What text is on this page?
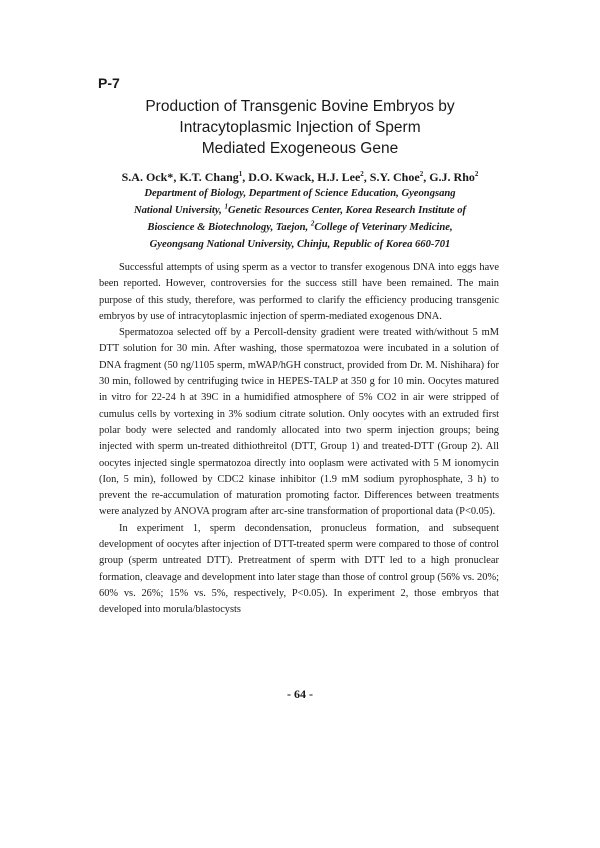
P-7
Production of Transgenic Bovine Embryos by
Intracytoplasmic Injection of Sperm
Mediated Exogeneous Gene
S.A. Ock*, K.T. Chang$^1$, D.O. Kwack, H.J. Lee$^2$, S.Y. Choe$^2$, G.J. Rho$^2$
Department of Biology, Department of Science Education, Gyeongsang
National University, $^1$Genetic Resources Center, Korea Research Institute of
Bioscience & Biotechnology, Taejon, $^2$College of Veterinary Medicine,
Gyeongsang National University, Chinju, Republic of Korea 660-701

Successful attempts of using sperm as a vector to transfer exogenous DNA into eggs have been reported. However, controversies for the success still have been remained. The main purpose of this study, therefore, was performed to clarify the efficiency producing transgenic embryos by use of intracytoplasmic injection of sperm-mediated exogenous DNA.

Spermatozoa selected off by a Percoll-density gradient were treated with/without 5 mM DTT solution for 30 min. After washing, those spermatozoa were incubated in a solution of DNA fragment (50 ng/1105 sperm, mWAP/hGH construct, provided from Dr. M. Nishihara) for 30 min, followed by centrifuging twice in HEPES-TALP at 350 g for 10 min. Oocytes matured in vitro for 22-24 h at 39C in a humidified atmosphere of 5% CO2 in air were stripped of cumulus cells by vortexing in 3% sodium citrate solution. Only oocytes with an extruded first polar body were selected and randomly allocated into two sperm injection groups; being injected with sperm un-treated dithiothreitol (DTT, Group 1) and treated-DTT (Group 2). All oocytes injected single spermatozoa directly into ooplasm were activated with 5 M ionomycin (Ion, 5 min), followed by CDC2 kinase inhibitor (1.9 mM sodium pyrophosphate, 3 h) to prevent the re-accumulation of maturation promoting factor. Differences between treatments were analyzed by ANOVA program after arc-sine transformation of proportional data (P<0.05).

In experiment 1, sperm decondensation, pronucleus formation, and subsequent development of oocytes after injection of DTT-treated sperm were compared to those of control group (sperm untreated DTT). Pretreatment of sperm with DTT led to a high pronuclear formation, cleavage and development into later stage than those of control group (56% vs. 20%; 60% vs. 26%; 15% vs. 5%, respectively, P<0.05). In experiment 2, those embryos that developed into morula/blastocysts

- 64 -
